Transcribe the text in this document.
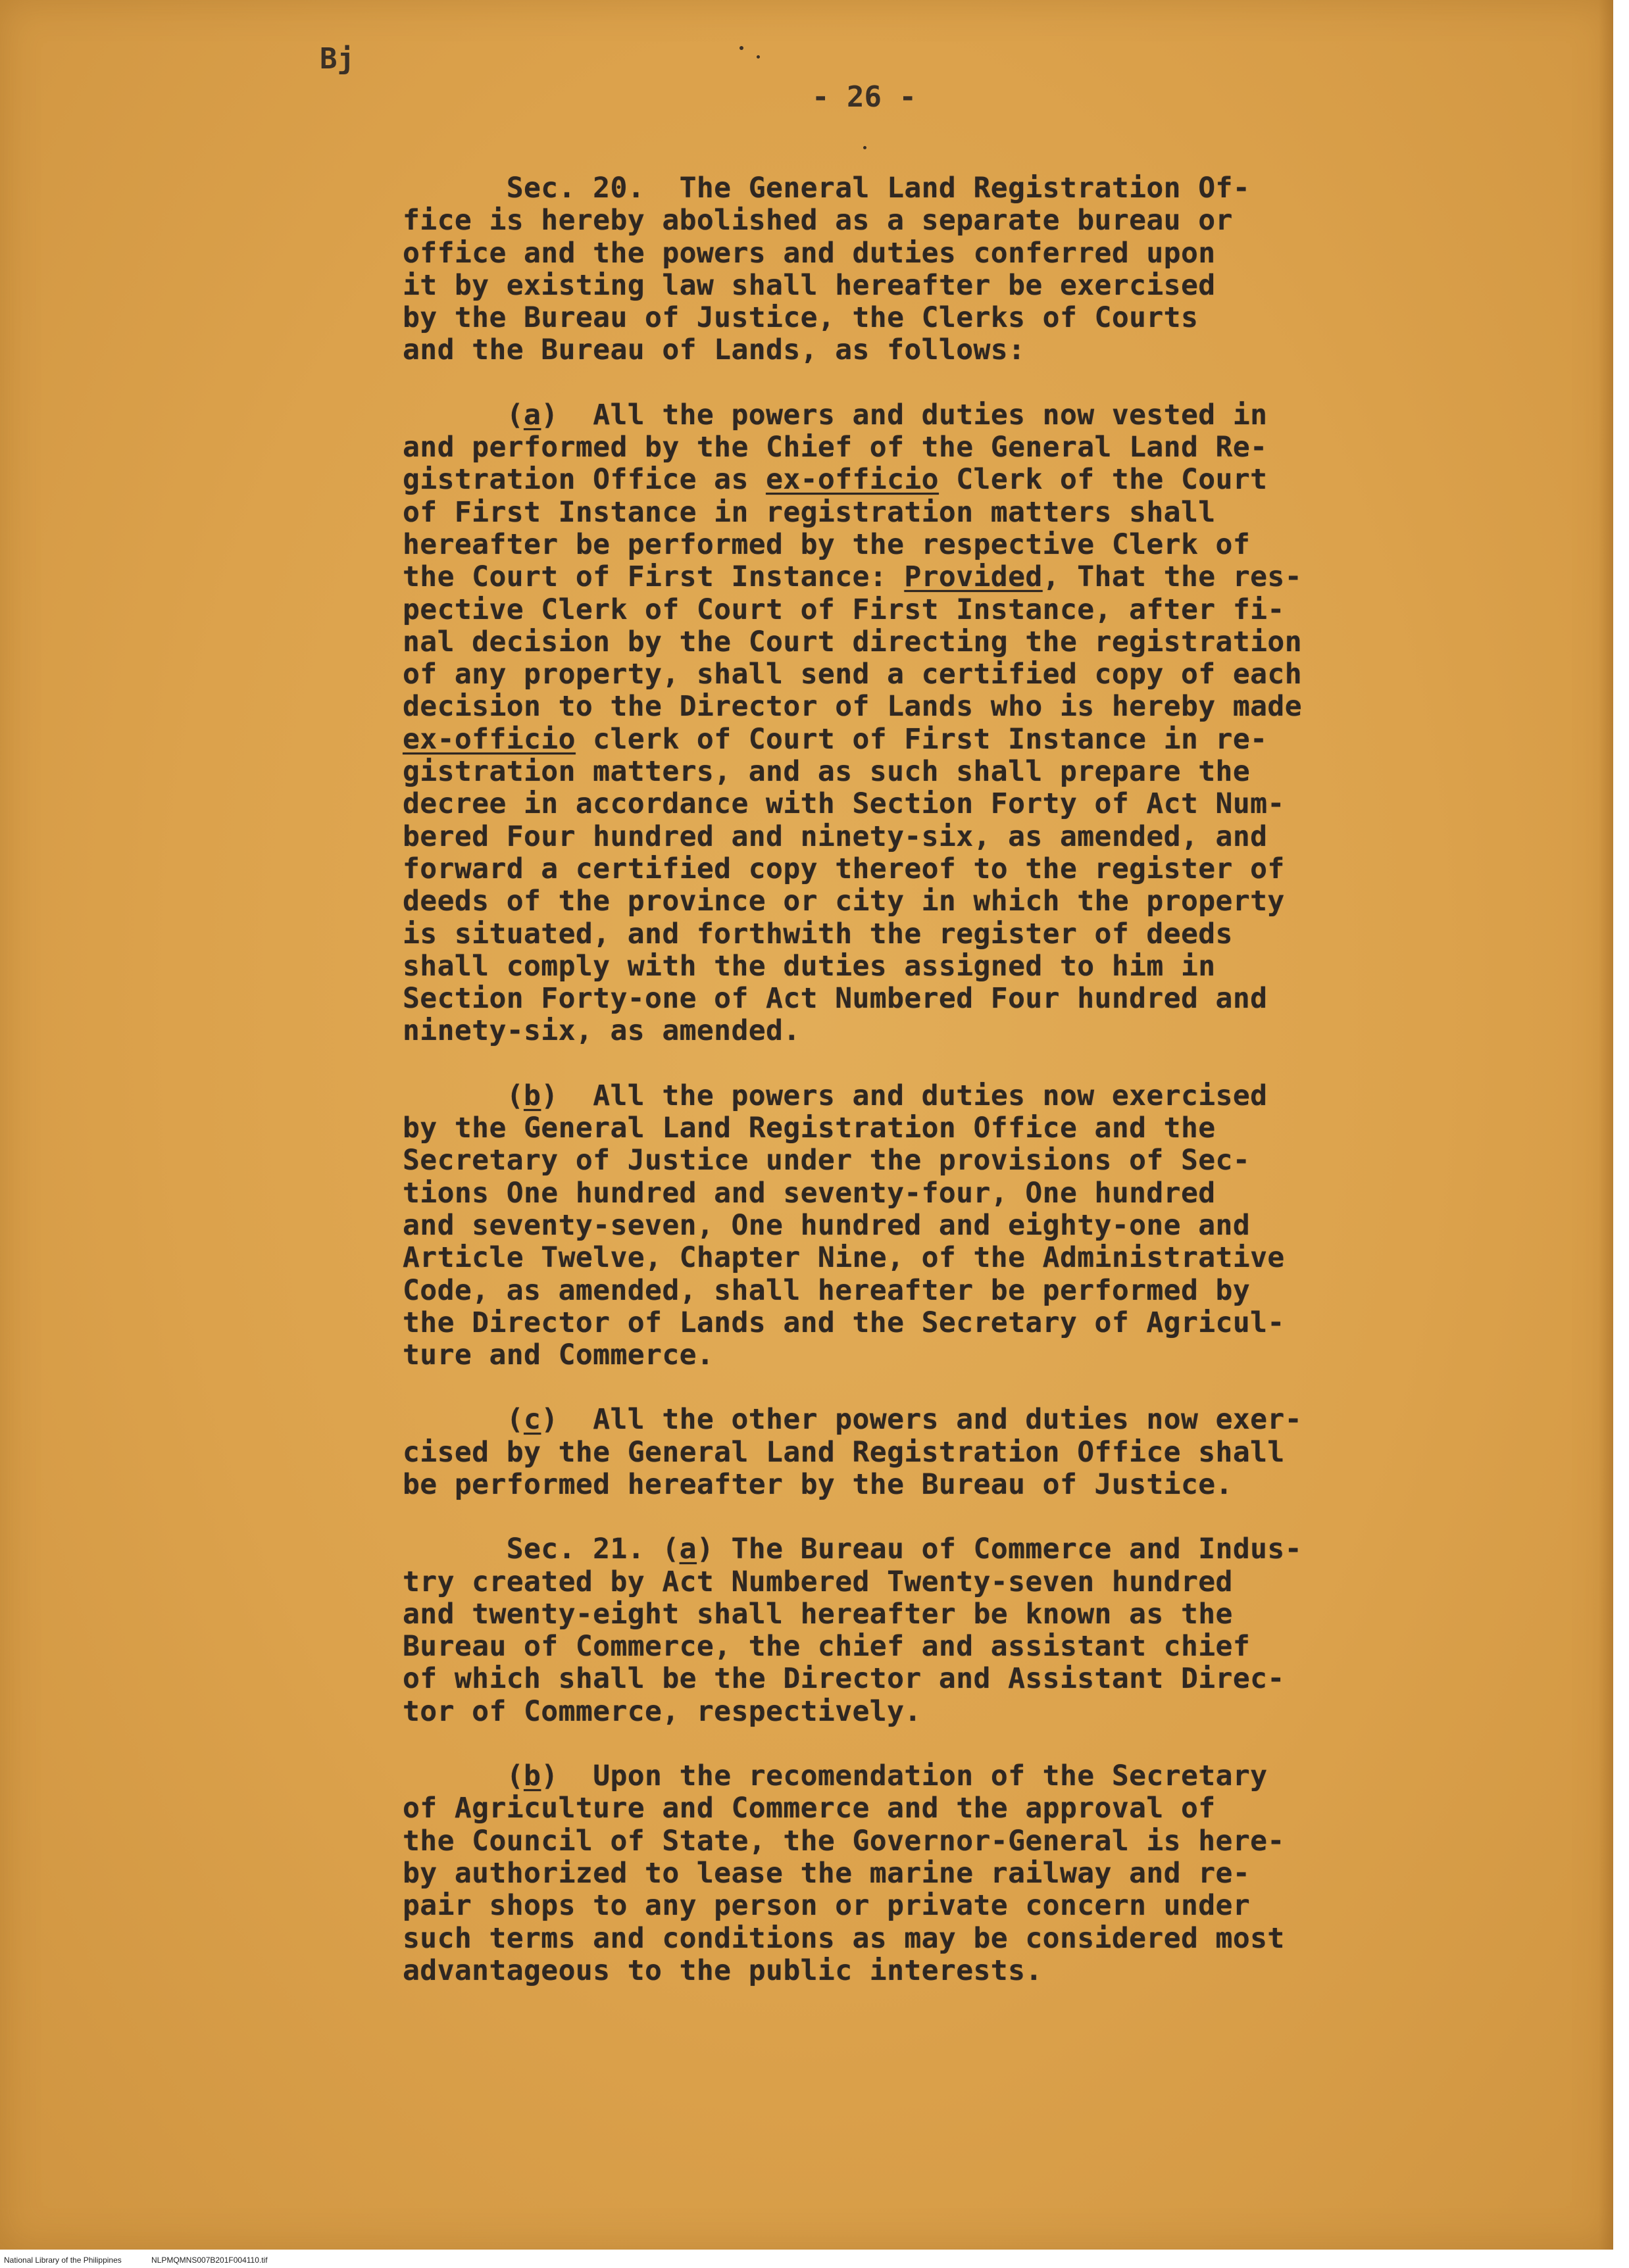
Bj
- 26 -
Sec. 20.  The General Land Registration Of-
fice is hereby abolished as a separate bureau or
office and the powers and duties conferred upon
it by existing law shall hereafter be exercised
by the Bureau of Justice, the Clerks of Courts
and the Bureau of Lands, as follows:
(a)  All the powers and duties now vested in
and performed by the Chief of the General Land Re-
gistration Office as ex-officio Clerk of the Court
of First Instance in registration matters shall
hereafter be performed by the respective Clerk of
the Court of First Instance: Provided, That the res-
pective Clerk of Court of First Instance, after fi-
nal decision by the Court directing the registration
of any property, shall send a certified copy of each
decision to the Director of Lands who is hereby made
ex-officio clerk of Court of First Instance in re-
gistration matters, and as such shall prepare the
decree in accordance with Section Forty of Act Num-
bered Four hundred and ninety-six, as amended, and
forward a certified copy thereof to the register of
deeds of the province or city in which the property
is situated, and forthwith the register of deeds
shall comply with the duties assigned to him in
Section Forty-one of Act Numbered Four hundred and
ninety-six, as amended.
(b)  All the powers and duties now exercised
by the General Land Registration Office and the
Secretary of Justice under the provisions of Sec-
tions One hundred and seventy-four, One hundred
and seventy-seven, One hundred and eighty-one and
Article Twelve, Chapter Nine, of the Administrative
Code, as amended, shall hereafter be performed by
the Director of Lands and the Secretary of Agricul-
ture and Commerce.
(c)  All the other powers and duties now exer-
cised by the General Land Registration Office shall
be performed hereafter by the Bureau of Justice.
Sec. 21. (a) The Bureau of Commerce and Indus-
try created by Act Numbered Twenty-seven hundred
and twenty-eight shall hereafter be known as the
Bureau of Commerce, the chief and assistant chief
of which shall be the Director and Assistant Direc-
tor of Commerce, respectively.
(b)  Upon the recomendation of the Secretary
of Agriculture and Commerce and the approval of
the Council of State, the Governor-General is here-
by authorized to lease the marine railway and re-
pair shops to any person or private concern under
such terms and conditions as may be considered most
advantageous to the public interests.
National Library of the Philippines	NLPMQMNS007B201F004110.tif
